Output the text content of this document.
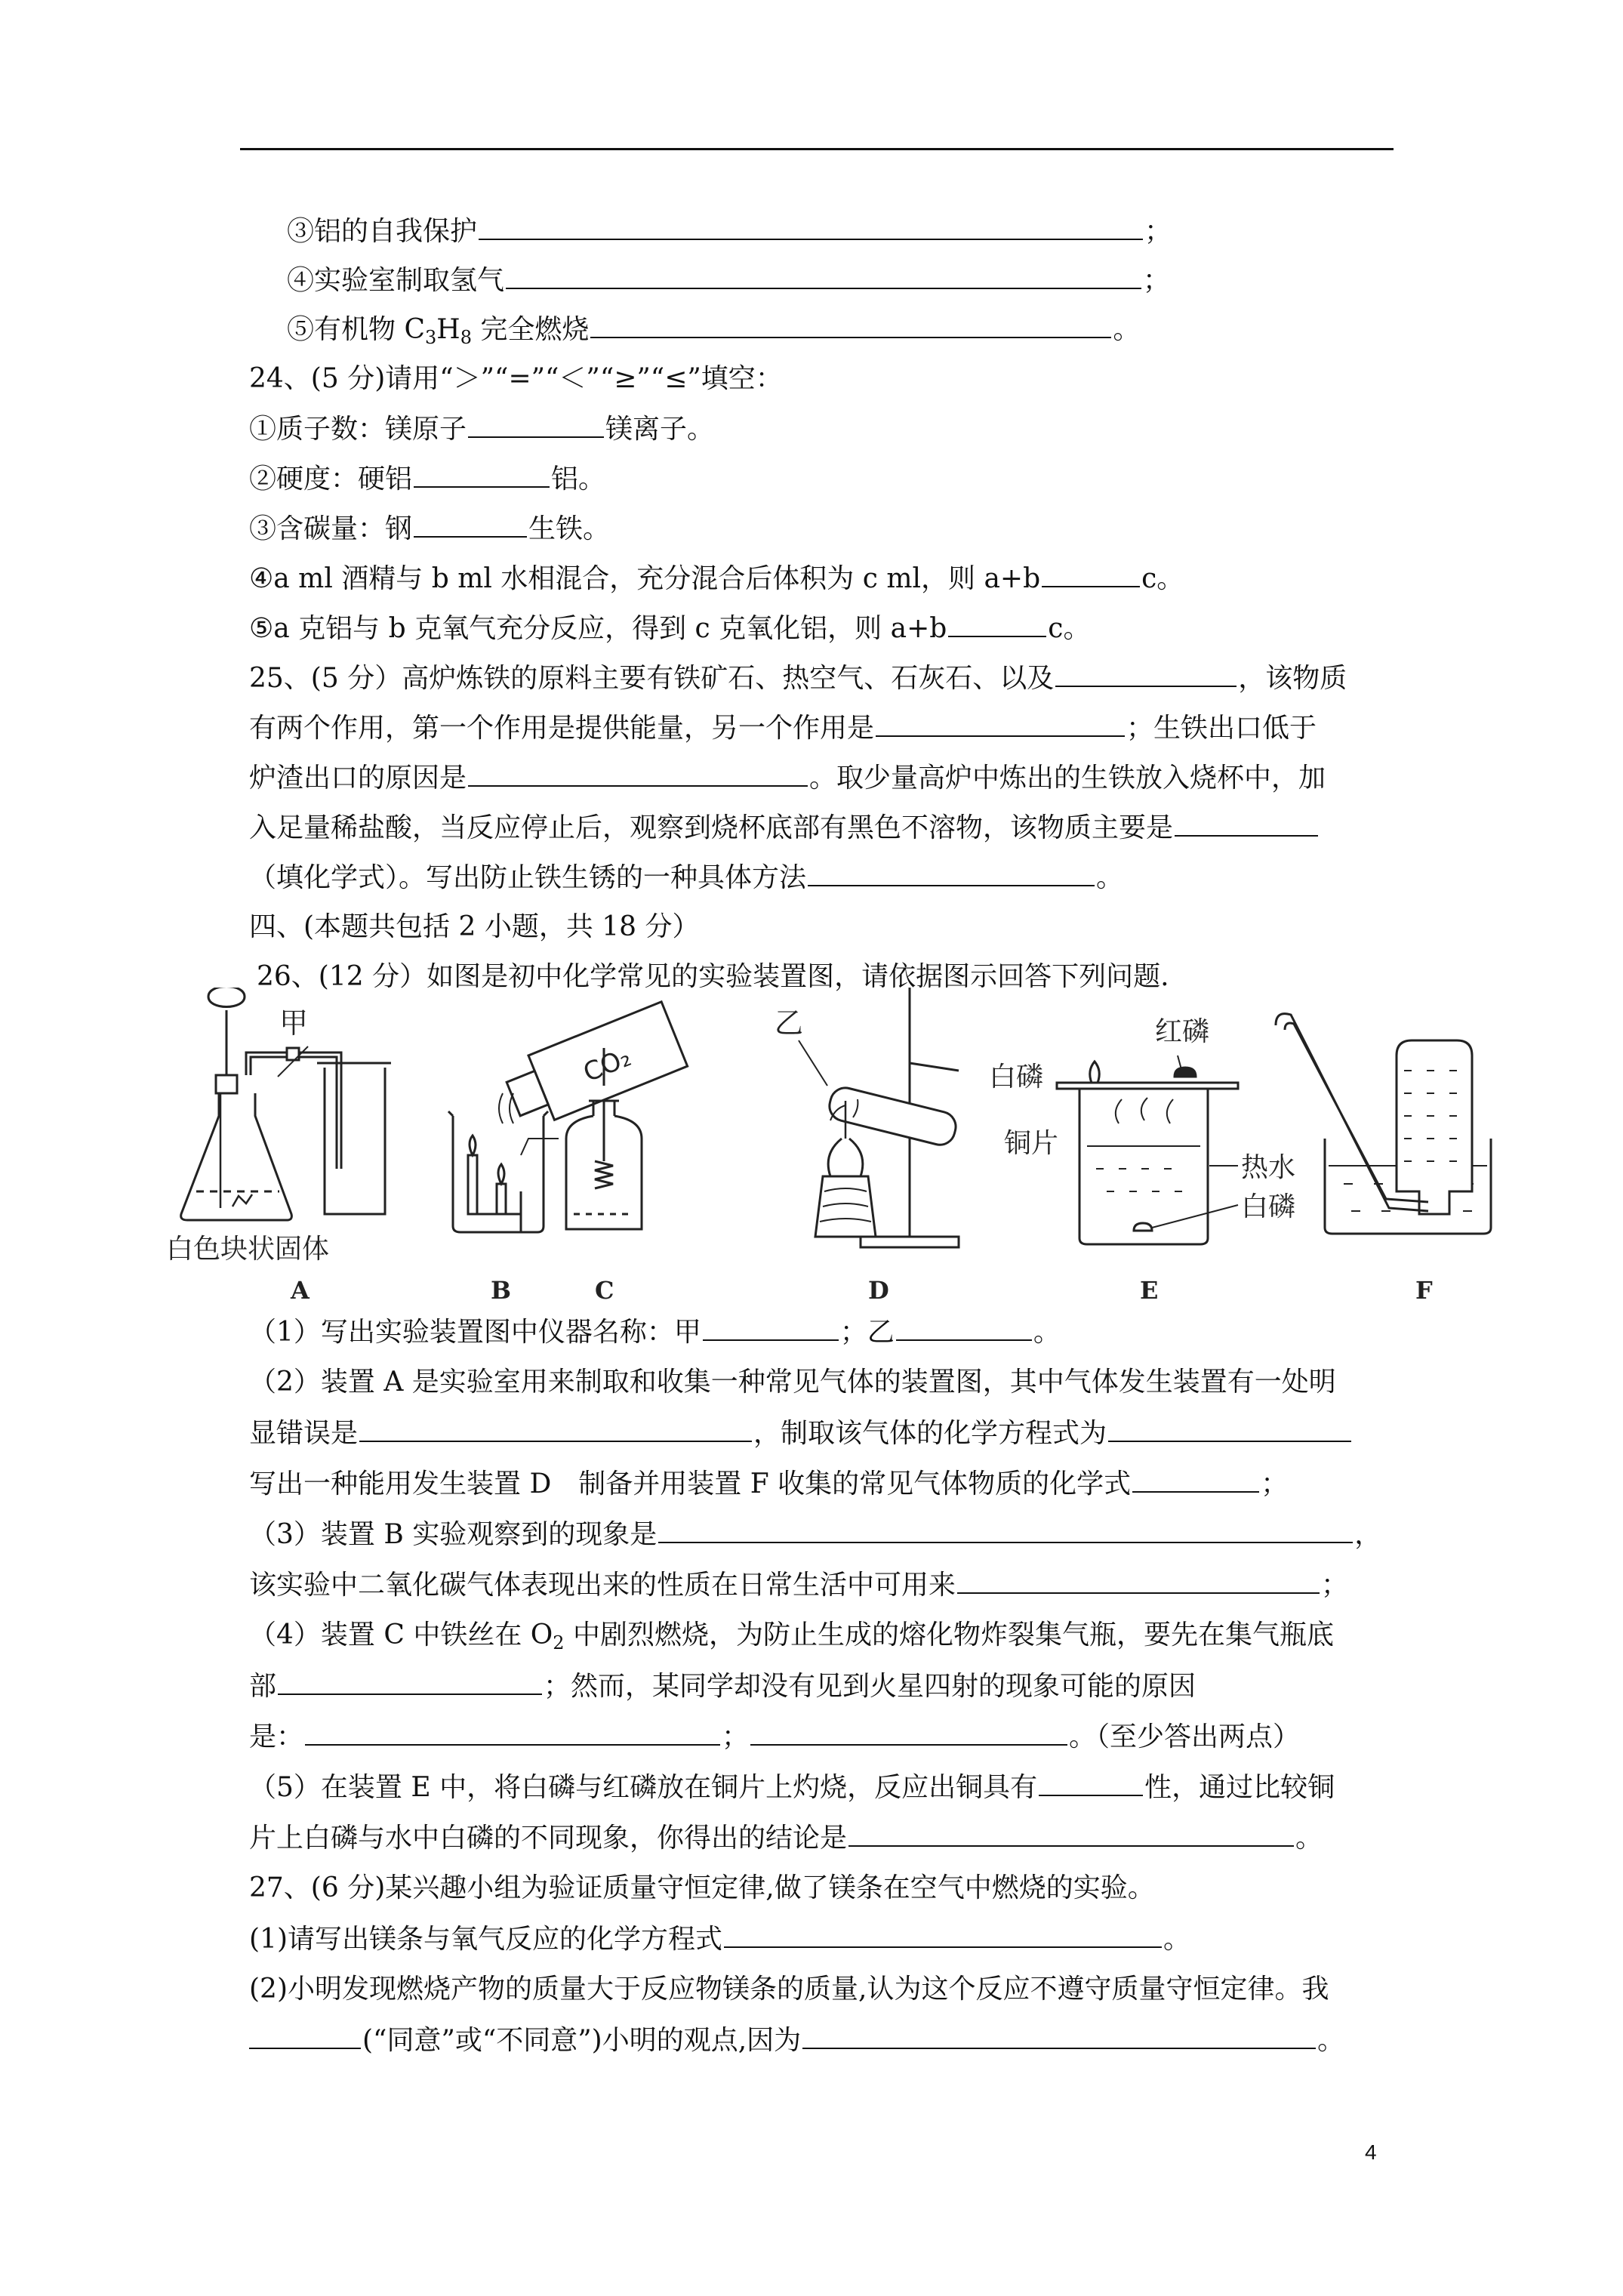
③铝的自我保护	；
④实验室制取氢气	；
⑤有机物 $C_3H_8$ 完全燃烧	。
24、(5 分)请用“＞”“=”“＜”“≥”“≤”填空：
①质子数：镁原子	镁离子。
②硬度：硬铝	铝。
③含碳量：钢	生铁。
④a ml 酒精与 b ml 水相混合，充分混合后体积为 c ml，则 a+b	c。
⑤a 克铝与 b 克氧气充分反应，得到 c 克氧化铝，则 a+b	c。
25、(5 分）高炉炼铁的原料主要有铁矿石、热空气、石灰石、以及	，该物质
有两个作用，第一个作用是提供能量，另一个作用是	；生铁出口低于
炉渣出口的原因是	。取少量高炉中炼出的生铁放入烧杯中，加
入足量稀盐酸，当反应停止后，观察到烧杯底部有黑色不溶物，该物质主要是
（填化学式）。写出防止铁生锈的一种具体方法	。
四、(本题共包括 2 小题，共 18 分）
26、(12 分）如图是初中化学常见的实验装置图，请依据图示回答下列问题.
甲
白色块状固体
A
CO₂
B	C
乙
D
红磷
白磷
铜片
热水
白磷
E	F
（1）写出实验装置图中仪器名称：甲	；乙	。
（2）装置 A 是实验室用来制取和收集一种常见气体的装置图，其中气体发生装置有一处明
显错误是	，制取该气体的化学方程式为
写出一种能用发生装置 D　制备并用装置 F 收集的常见气体物质的化学式	；
（3）装置 B 实验观察到的现象是	，
该实验中二氧化碳气体表现出来的性质在日常生活中可用来	；
（4）装置 C 中铁丝在 $O_2$ 中剧烈燃烧，为防止生成的熔化物炸裂集气瓶，要先在集气瓶底
部	；然而，某同学却没有见到火星四射的现象可能的原因
是：	；	。（至少答出两点）
（5）在装置 E 中，将白磷与红磷放在铜片上灼烧，反应出铜具有	性，通过比较铜
片上白磷与水中白磷的不同现象，你得出的结论是	。
27、(6 分)某兴趣小组为验证质量守恒定律,做了镁条在空气中燃烧的实验。
(1)请写出镁条与氧气反应的化学方程式	。
(2)小明发现燃烧产物的质量大于反应物镁条的质量,认为这个反应不遵守质量守恒定律。我
(“同意”或“不同意”)小明的观点,因为	。
4
